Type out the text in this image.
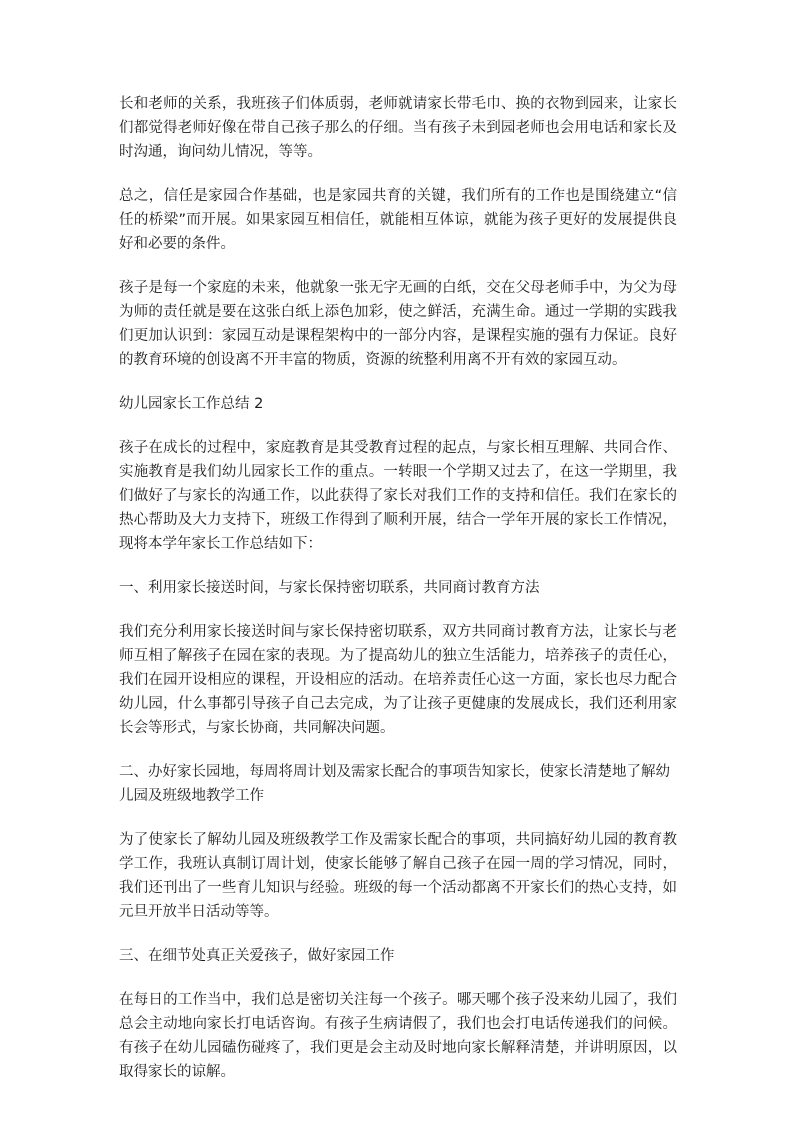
长和老师的关系，我班孩子们体质弱，老师就请家长带毛巾、换的衣物到园来，让家长们都觉得老师好像在带自己孩子那么的仔细。当有孩子未到园老师也会用电话和家长及时沟通，询问幼儿情况，等等。

总之，信任是家园合作基础，也是家园共育的关键，我们所有的工作也是围绕建立“信任的桥梁”而开展。如果家园互相信任，就能相互体谅，就能为孩子更好的发展提供良好和必要的条件。

孩子是每一个家庭的未来，他就象一张无字无画的白纸，交在父母老师手中，为父为母为师的责任就是要在这张白纸上添色加彩，使之鲜活，充满生命。通过一学期的实践我们更加认识到：家园互动是课程架构中的一部分内容，是课程实施的强有力保证。良好的教育环境的创设离不开丰富的物质，资源的统整利用离不开有效的家园互动。

幼儿园家长工作总结 2

孩子在成长的过程中，家庭教育是其受教育过程的起点，与家长相互理解、共同合作、实施教育是我们幼儿园家长工作的重点。一转眼一个学期又过去了，在这一学期里，我们做好了与家长的沟通工作，以此获得了家长对我们工作的支持和信任。我们在家长的热心帮助及大力支持下，班级工作得到了顺利开展，结合一学年开展的家长工作情况，现将本学年家长工作总结如下：

一、利用家长接送时间，与家长保持密切联系，共同商讨教育方法

我们充分利用家长接送时间与家长保持密切联系，双方共同商讨教育方法，让家长与老师互相了解孩子在园在家的表现。为了提高幼儿的独立生活能力，培养孩子的责任心，我们在园开设相应的课程，开设相应的活动。在培养责任心这一方面，家长也尽力配合幼儿园，什么事都引导孩子自己去完成，为了让孩子更健康的发展成长，我们还利用家长会等形式，与家长协商，共同解决问题。

二、办好家长园地，每周将周计划及需家长配合的事项告知家长，使家长清楚地了解幼儿园及班级地教学工作

为了使家长了解幼儿园及班级教学工作及需家长配合的事项，共同搞好幼儿园的教育教学工作，我班认真制订周计划，使家长能够了解自己孩子在园一周的学习情况，同时，我们还刊出了一些育儿知识与经验。班级的每一个活动都离不开家长们的热心支持，如元旦开放半日活动等等。

三、在细节处真正关爱孩子，做好家园工作

在每日的工作当中，我们总是密切关注每一个孩子。哪天哪个孩子没来幼儿园了，我们总会主动地向家长打电话咨询。有孩子生病请假了，我们也会打电话传递我们的问候。有孩子在幼儿园磕伤碰疼了，我们更是会主动及时地向家长解释清楚，并讲明原因，以取得家长的谅解。
